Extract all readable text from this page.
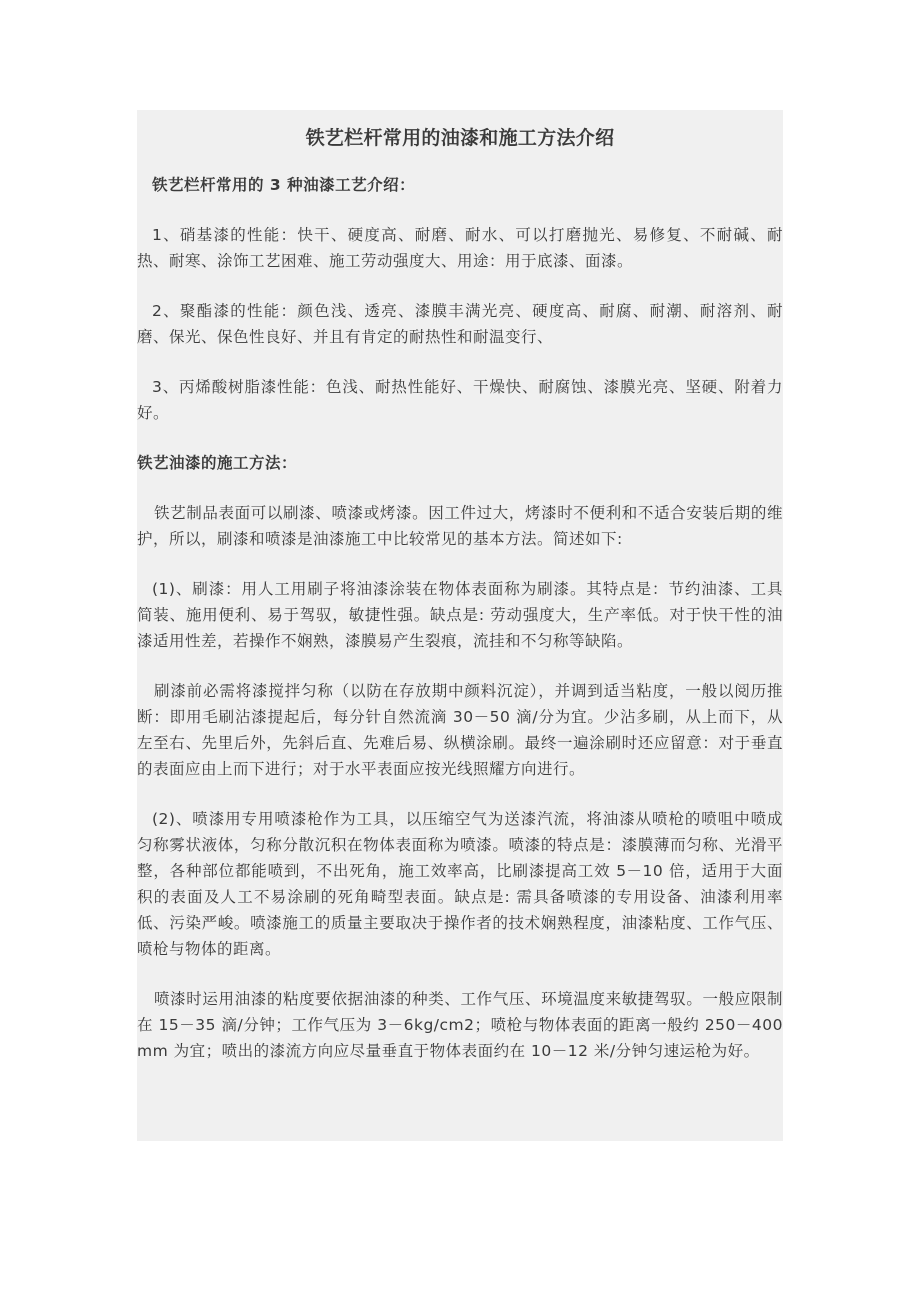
铁艺栏杆常用的油漆和施工方法介绍

铁艺栏杆常用的 3 种油漆工艺介绍：

1、硝基漆的性能：快干、硬度高、耐磨、耐水、可以打磨抛光、易修复、不耐碱、耐热、耐寒、涂饰工艺困难、施工劳动强度大、用途：用于底漆、面漆。

2、聚酯漆的性能：颜色浅、透亮、漆膜丰满光亮、硬度高、耐腐、耐潮、耐溶剂、耐磨、保光、保色性良好、并且有肯定的耐热性和耐温变行、

3、丙烯酸树脂漆性能：色浅、耐热性能好、干燥快、耐腐蚀、漆膜光亮、坚硬、附着力好。

铁艺油漆的施工方法：

铁艺制品表面可以刷漆、喷漆或烤漆。因工件过大，烤漆时不便利和不适合安装后期的维护，所以，刷漆和喷漆是油漆施工中比较常见的基本方法。简述如下:

(1)、刷漆：用人工用刷子将油漆涂装在物体表面称为刷漆。其特点是：节约油漆、工具简装、施用便利、易于驾驭，敏捷性强。缺点是: 劳动强度大，生产率低。对于快干性的油漆适用性差，若操作不娴熟，漆膜易产生裂痕，流挂和不匀称等缺陷。

刷漆前必需将漆搅拌匀称（以防在存放期中颜料沉淀），并调到适当粘度，一般以阅历推断：即用毛刷沾漆提起后，每分针自然流滴 30－50 滴/分为宜。少沾多刷，从上而下，从左至右、先里后外，先斜后直、先难后易、纵横涂刷。最终一遍涂刷时还应留意：对于垂直的表面应由上而下进行；对于水平表面应按光线照耀方向进行。

(2)、喷漆用专用喷漆枪作为工具，以压缩空气为送漆汽流，将油漆从喷枪的喷咀中喷成匀称雾状液体，匀称分散沉积在物体表面称为喷漆。喷漆的特点是：漆膜薄而匀称、光滑平整，各种部位都能喷到，不出死角，施工效率高，比刷漆提高工效 5－10 倍，适用于大面积的表面及人工不易涂刷的死角畸型表面。缺点是: 需具备喷漆的专用设备、油漆利用率低、污染严峻。喷漆施工的质量主要取决于操作者的技术娴熟程度，油漆粘度、工作气压、喷枪与物体的距离。

喷漆时运用油漆的粘度要依据油漆的种类、工作气压、环境温度来敏捷驾驭。一般应限制在 15－35 滴/分钟；工作气压为 3－6kg/cm2；喷枪与物体表面的距离一般约 250－400mm 为宜；喷出的漆流方向应尽量垂直于物体表面约在 10－12 米/分钟匀速运枪为好。
